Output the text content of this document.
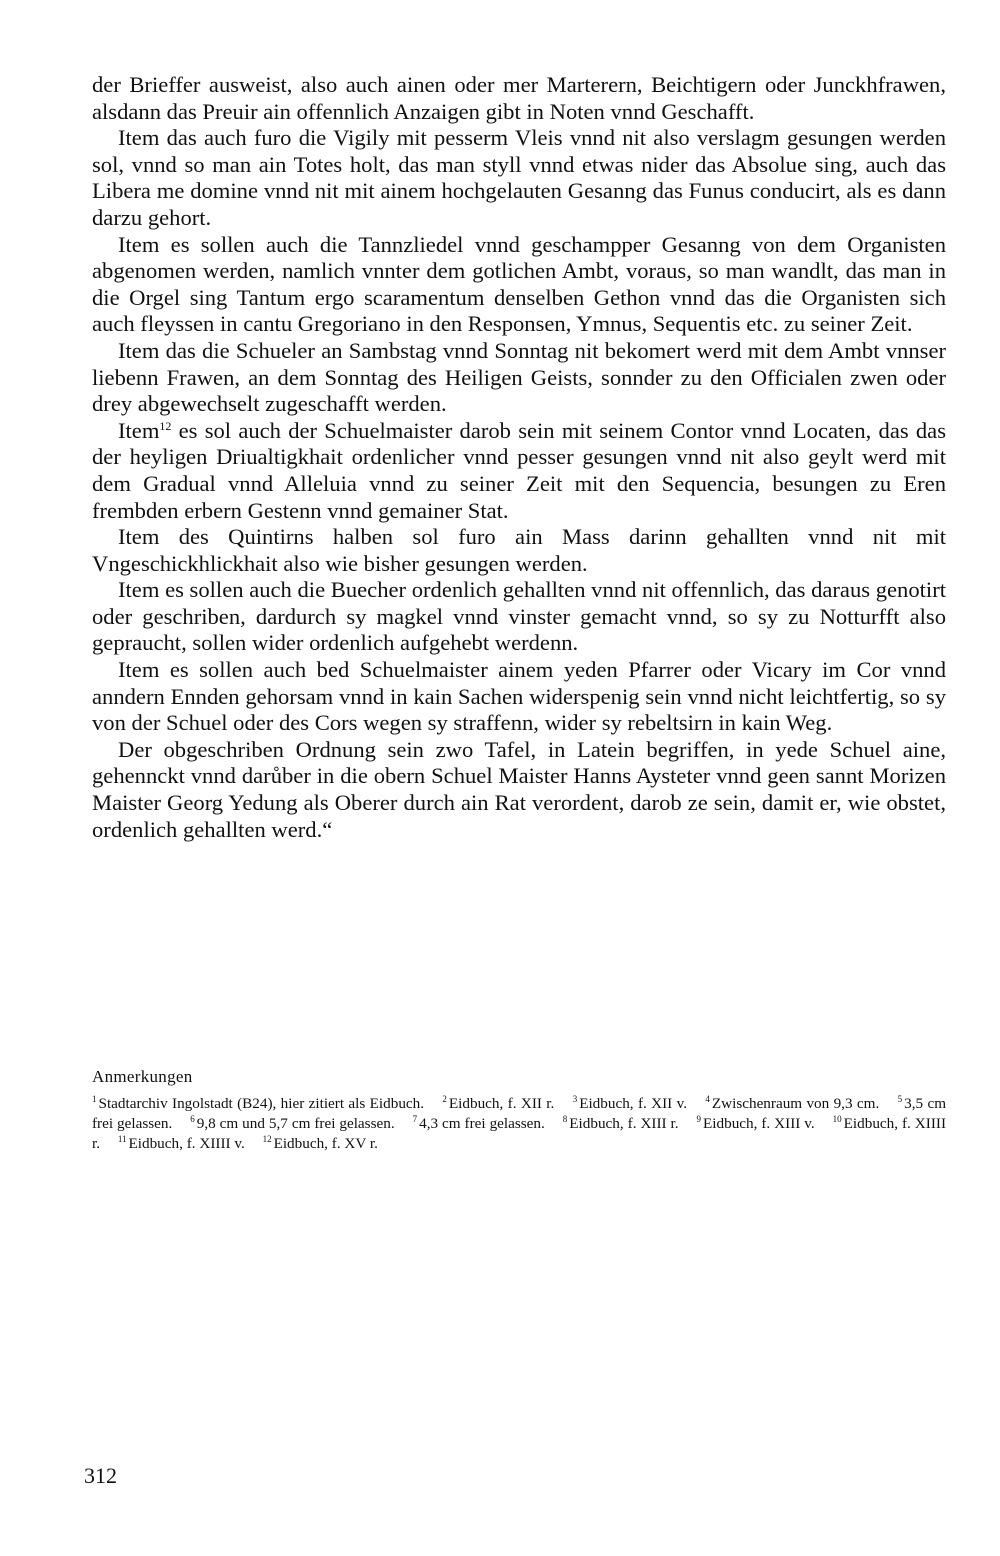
der Brieffer ausweist, also auch ainen oder mer Marterern, Beichtigern oder Junckhfrawen, alsdann das Preuir ain offennlich Anzaigen gibt in Noten vnnd Geschafft.

Item das auch furo die Vigily mit pesserm Vleis vnnd nit also verslagm gesungen werden sol, vnnd so man ain Totes holt, das man styll vnnd etwas nider das Absolue sing, auch das Libera me domine vnnd nit mit ainem hochgelauten Gesanng das Funus conducirt, als es dann darzu gehort.

Item es sollen auch die Tannzliedel vnnd geschampper Gesanng von dem Organisten abgenomen werden, namlich vnnter dem gotlichen Ambt, voraus, so man wandlt, das man in die Orgel sing Tantum ergo scaramentum denselben Gethon vnnd das die Organisten sich auch fleyssen in cantu Gregoriano in den Responsen, Ymnus, Sequentis etc. zu seiner Zeit.

Item das die Schueler an Sambstag vnnd Sonntag nit bekomert werd mit dem Ambt vnnser liebenn Frawen, an dem Sonntag des Heiligen Geists, sonnder zu den Officialen zwen oder drey abgewechselt zugeschafft werden.

Item$^{12}$ es sol auch der Schuelmaister darob sein mit seinem Contor vnnd Locaten, das das der heyligen Driualtigkhait ordenlicher vnnd pesser gesungen vnnd nit also geylt werd mit dem Gradual vnnd Alleluia vnnd zu seiner Zeit mit den Sequencia, besungen zu Eren frembden erbern Gestenn vnnd gemainer Stat.

Item des Quintirns halben sol furo ain Mass darinn gehallten vnnd nit mit Vngeschickhlickhait also wie bisher gesungen werden.

Item es sollen auch die Buecher ordenlich gehallten vnnd nit offennlich, das daraus genotirt oder geschriben, dardurch sy magkel vnnd vinster gemacht vnnd, so sy zu Notturfft also gepraucht, sollen wider ordenlich aufgehebt werdenn.

Item es sollen auch bed Schuelmaister ainem yeden Pfarrer oder Vicary im Cor vnnd anndern Ennden gehorsam vnnd in kain Sachen widerspenig sein vnnd nicht leichtfertig, so sy von der Schuel oder des Cors wegen sy straffenn, wider sy rebeltsirn in kain Weg.

Der obgeschriben Ordnung sein zwo Tafel, in Latein begriffen, in yede Schuel aine, gehennckt vnnd darůber in die obern Schuel Maister Hanns Aysteter vnnd geen sannt Morizen Maister Georg Yedung als Oberer durch ain Rat verordent, darob ze sein, damit er, wie obstet, ordenlich gehallten werd.“

Anmerkungen

$^1$ Stadtarchiv Ingolstadt (B24), hier zitiert als Eidbuch. $^2$ Eidbuch, f. XII r. $^3$ Eidbuch, f. XII v. $^4$ Zwischenraum von 9,3 cm. $^5$ 3,5 cm frei gelassen. $^6$ 9,8 cm und 5,7 cm frei gelassen. $^7$ 4,3 cm frei gelassen. $^8$ Eidbuch, f. XIII r. $^9$ Eidbuch, f. XIII v. $^{10}$ Eidbuch, f. XIIII r. $^{11}$ Eidbuch, f. XIIII v. $^{12}$ Eidbuch, f. XV r.

312
